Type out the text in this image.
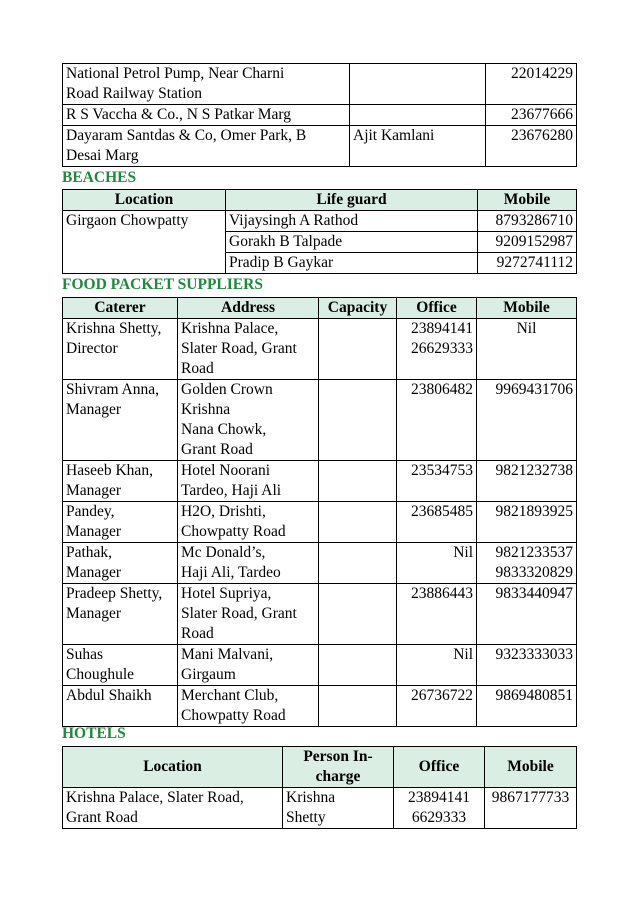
National Petrol Pump, Near Charni
Road Railway Station		22014229
R S Vaccha & Co., N S Patkar Marg		23677666
Dayaram Santdas & Co, Omer Park, B
Desai Marg	Ajit Kamlani	23676280
BEACHES
Location	Life guard	Mobile
Girgaon Chowpatty	Vijaysingh A Rathod	8793286710
	Gorakh B Talpade	9209152987
	Pradip B Gaykar	9272741112
FOOD PACKET SUPPLIERS
Caterer	Address	Capacity	Office	Mobile
Krishna Shetty,
Director	Krishna Palace,
Slater Road, Grant
Road		23894141
26629333	Nil
Shivram Anna,
Manager	Golden Crown
Krishna
Nana Chowk,
Grant Road		23806482	9969431706
Haseeb Khan,
Manager	Hotel Noorani
Tardeo, Haji Ali		23534753	9821232738
Pandey,
Manager	H2O, Drishti,
Chowpatty Road		23685485	9821893925
Pathak,
Manager	Mc Donald’s,
Haji Ali, Tardeo		Nil	9821233537
9833320829
Pradeep Shetty,
Manager	Hotel Supriya,
Slater Road, Grant
Road		23886443	9833440947
Suhas
Choughule	Mani Malvani,
Girgaum		Nil	9323333033
Abdul Shaikh	Merchant Club,
Chowpatty Road		26736722	9869480851
HOTELS
Location	Person In-
charge	Office	Mobile
Krishna Palace, Slater Road,
Grant Road	Krishna
Shetty	23894141
6629333	9867177733
